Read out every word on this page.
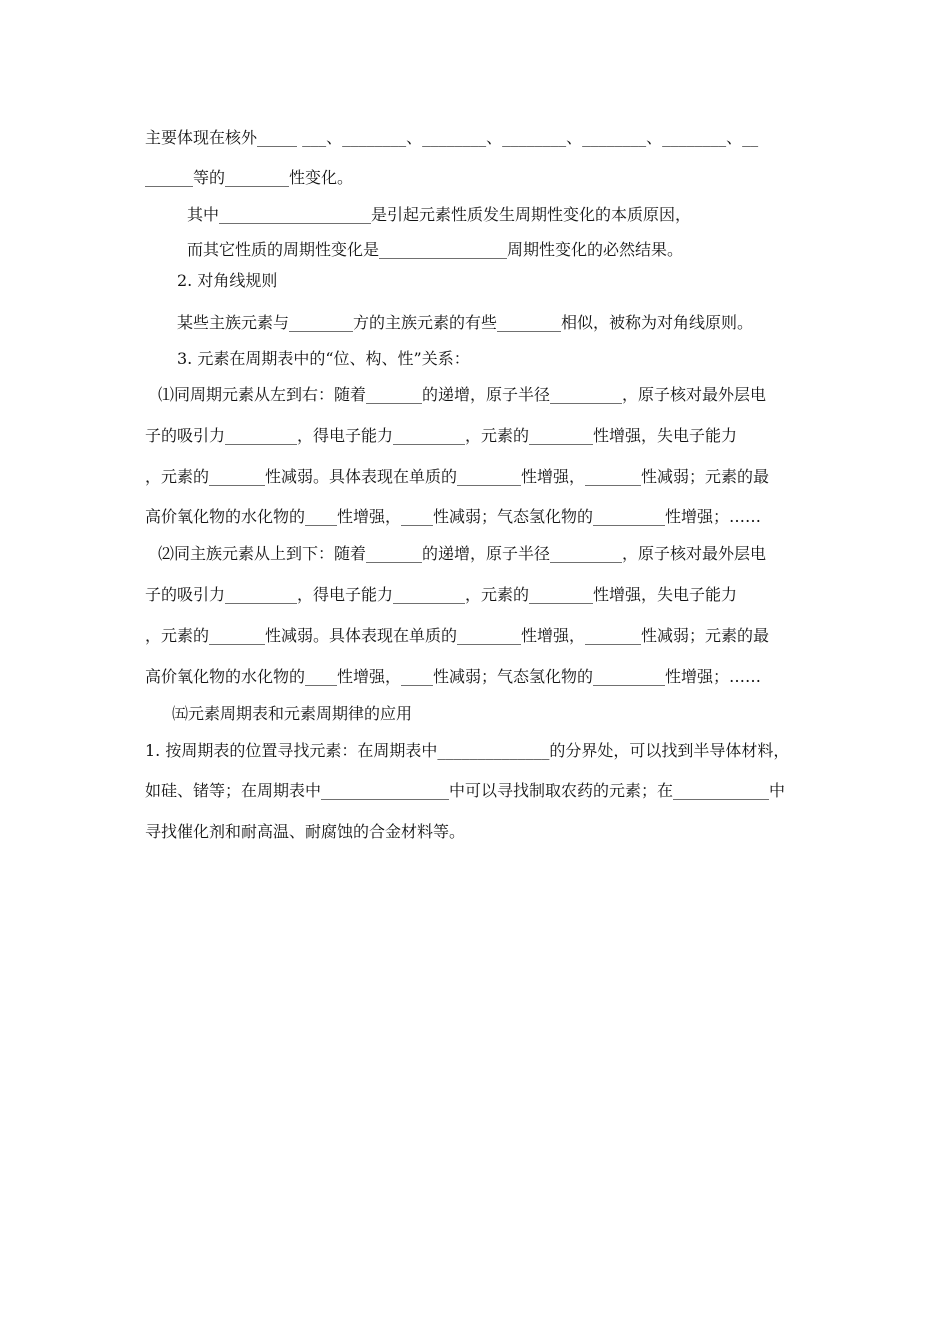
主要体现在核外_____ ___、________、________、________、________、________、__
______等的________性变化。
其中___________________是引起元素性质发生周期性变化的本质原因，
而其它性质的周期性变化是________________周期性变化的必然结果。
2. 对角线规则
某些主族元素与________方的主族元素的有些________相似，被称为对角线原则。
3. 元素在周期表中的“位、构、性”关系：
⑴同周期元素从左到右：随着_______的递增，原子半径_________，原子核对最外层电
子的吸引力_________，得电子能力_________，元素的________性增强，失电子能力
，元素的_______性减弱。具体表现在单质的________性增强，_______性减弱；元素的最
高价氧化物的水化物的____性增强，____性减弱；气态氢化物的_________性增强；……
⑵同主族元素从上到下：随着_______的递增，原子半径_________，原子核对最外层电
子的吸引力_________，得电子能力_________，元素的________性增强，失电子能力
，元素的_______性减弱。具体表现在单质的________性增强，_______性减弱；元素的最
高价氧化物的水化物的____性增强，____性减弱；气态氢化物的_________性增强；……
㈤元素周期表和元素周期律的应用
1. 按周期表的位置寻找元素：在周期表中______________的分界处，可以找到半导体材料，
如硅、锗等；在周期表中________________中可以寻找制取农药的元素；在____________中
寻找催化剂和耐高温、耐腐蚀的合金材料等。
